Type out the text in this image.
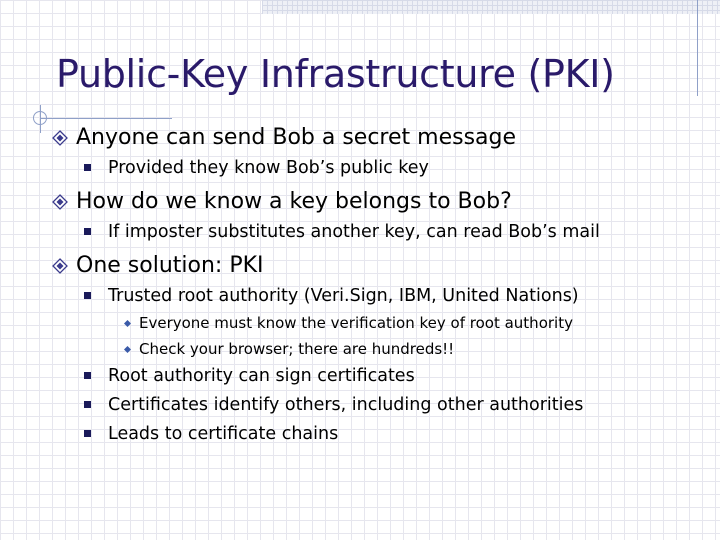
Public-Key Infrastructure (PKI)
Anyone can send Bob a secret message
Provided they know Bob’s public key
How do we know a key belongs to Bob?
If imposter substitutes another key, can read Bob’s mail
One solution: PKI
Trusted root authority (Veri.Sign, IBM, United Nations)
Everyone must know the verification key of root authority
Check your browser; there are hundreds!!
Root authority can sign certificates
Certificates identify others, including other authorities
Leads to certificate chains
